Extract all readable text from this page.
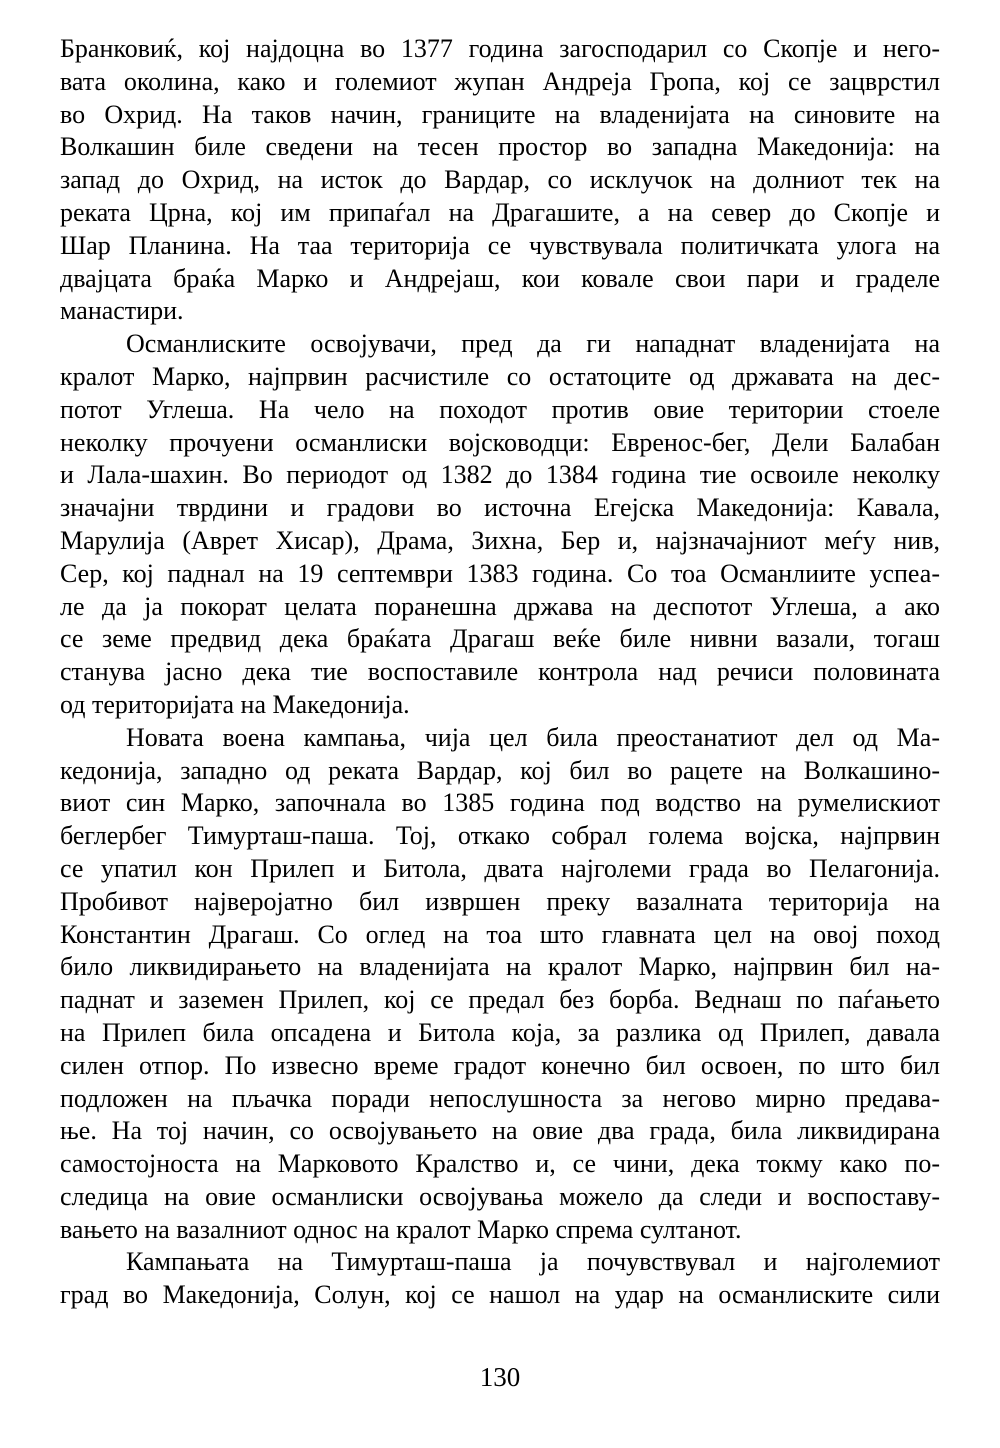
Бранковиќ, кој најдоцна во 1377 година загосподарил со Скопје и него-
вата околина, како и големиот жупан Андреја Гропа, кој се зацврстил
во Охрид. На таков начин, границите на владенијата на синовите на
Волкашин биле сведени на тесен простор во западна Македонија: на
запад до Охрид, на исток до Вардар, со исклучок на долниот тек на
реката Црна, кој им припаѓал на Драгашите, а на север до Скопје и
Шар Планина. На таа територија се чувствувала политичката улога на
двајцата браќа Марко и Андрејаш, кои ковале свои пари и граделе
манастири.
Османлиските освојувачи, пред да ги нападнат владенијата на
кралот Марко, најпрвин расчистиле со остатоците од државата на дес-
потот Углеша. На чело на походот против овие територии стоеле
неколку прочуени османлиски војсководци: Евренос-бег, Дели Балабан
и Лала-шахин. Во периодот од 1382 до 1384 година тие освоиле неколку
значајни тврдини и градови во источна Егејска Македонија: Кавала,
Марулија (Аврет Хисар), Драма, Зихна, Бер и, најзначајниот меѓу нив,
Сер, кој паднал на 19 септември 1383 година. Со тоа Османлиите успеа-
ле да ја покорат целата поранешна држава на деспотот Углеша, а ако
се земе предвид дека браќата Драгаш веќе биле нивни вазали, тогаш
станува јасно дека тие воспоставиле контрола над речиси половината
од територијата на Македонија.
Новата воена кампања, чија цел била преостанатиот дел од Ма-
кедонија, западно од реката Вардар, кој бил во рацете на Волкашино-
виот син Марко, започнала во 1385 година под водство на румелискиот
беглербег Тимурташ-паша. Тој, откако собрал голема војска, најпрвин
се упатил кон Прилеп и Битола, двата најголеми града во Пелагонија.
Пробивот најверојатно бил извршен преку вазалната територија на
Константин Драгаш. Со оглед на тоа што главната цел на овој поход
било ликвидирањето на владенијата на кралот Марко, најпрвин бил на-
паднат и заземен Прилеп, кој се предал без борба. Веднаш по паѓањето
на Прилеп била опсадена и Битола која, за разлика од Прилеп, давала
силен отпор. По извесно време градот конечно бил освоен, по што бил
подложен на пљачка поради непослушноста за негово мирно предава-
ње. На тој начин, со освојувањето на овие два града, била ликвидирана
самостојноста на Марковото Кралство и, се чини, дека токму како по-
следица на овие османлиски освојувања можело да следи и воспоставу-
вањето на вазалниот однос на кралот Марко спрема султанот.
Кампањата на Тимурташ-паша ја почувствувал и најголемиот
град во Македонија, Солун, кој се нашол на удар на османлиските сили
130
